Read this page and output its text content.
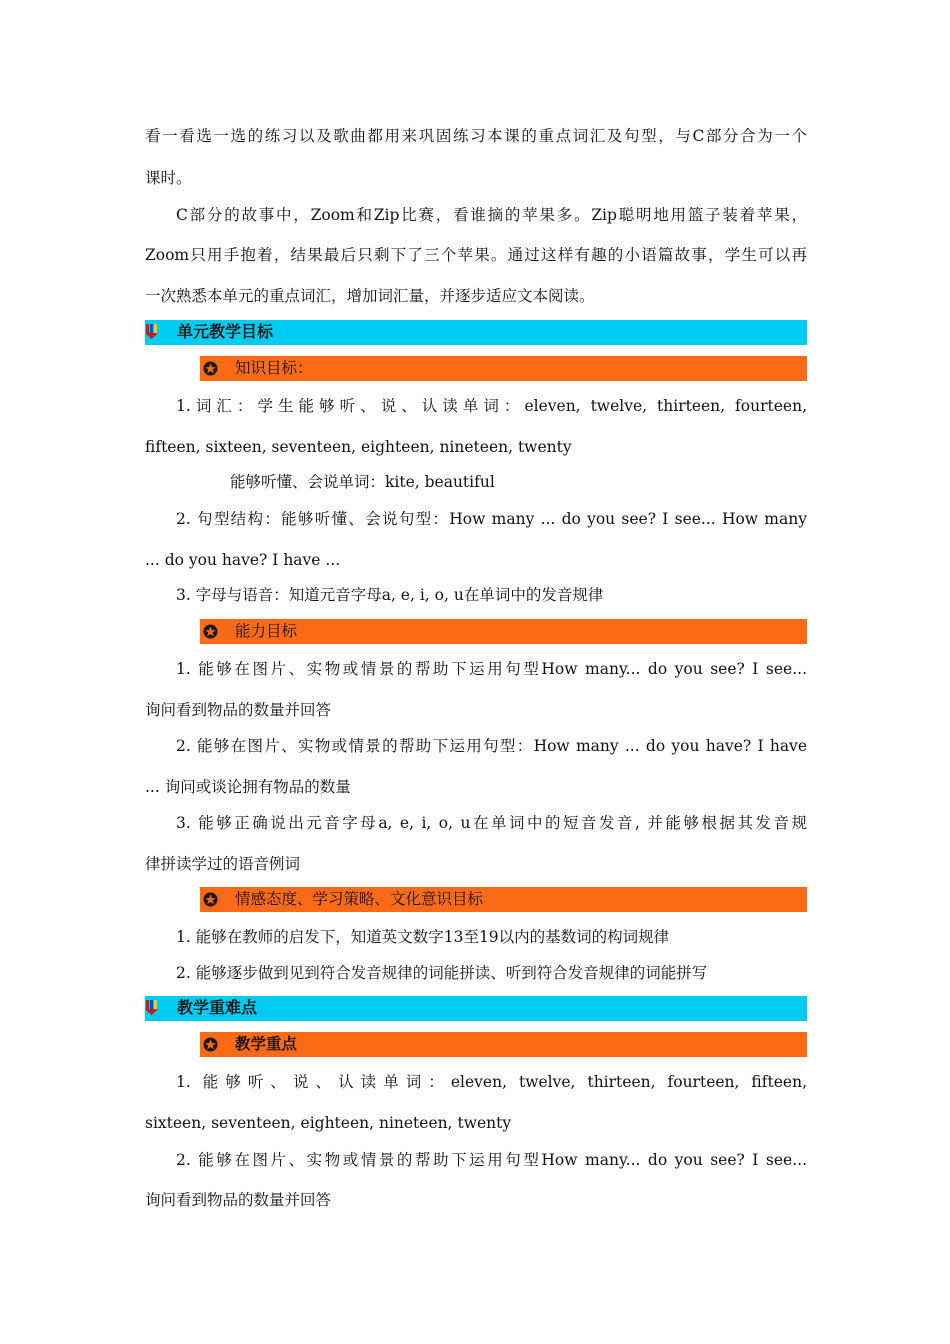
看一看选一选的练习以及歌曲都用来巩固练习本课的重点词汇及句型，与C部分合为一个
课时。
C部分的故事中，Zoom和Zip比赛，看谁摘的苹果多。Zip聪明地用篮子装着苹果，
Zoom只用手抱着，结果最后只剩下了三个苹果。通过这样有趣的小语篇故事，学生可以再
一次熟悉本单元的重点词汇，增加词汇量，并逐步适应文本阅读。
单元教学目标
知识目标：
1.词汇：学生能够听、说、认读单词：eleven, twelve, thirteen, fourteen,
fifteen, sixteen, seventeen, eighteen, nineteen, twenty
能够听懂、会说单词：kite, beautiful
2. 句型结构：能够听懂、会说句型：How many ... do you see? I see... How many
... do you have? I have ...
3. 字母与语音：知道元音字母a, e, i, o, u在单词中的发音规律
能力目标
1. 能够在图片、实物或情景的帮助下运用句型How many... do you see? I see...
询问看到物品的数量并回答
2. 能够在图片、实物或情景的帮助下运用句型：How many ... do you have? I have
... 询问或谈论拥有物品的数量
3. 能够正确说出元音字母a, e, i, o, u在单词中的短音发音, 并能够根据其发音规
律拼读学过的语音例词
情感态度、学习策略、文化意识目标
1. 能够在教师的启发下，知道英文数字13至19以内的基数词的构词规律
2. 能够逐步做到见到符合发音规律的词能拼读、听到符合发音规律的词能拼写
教学重难点
教学重点
1. 能够听、说、认读单词：eleven, twelve, thirteen, fourteen, fifteen,
sixteen, seventeen, eighteen, nineteen, twenty
2. 能够在图片、实物或情景的帮助下运用句型How many... do you see? I see...
询问看到物品的数量并回答
